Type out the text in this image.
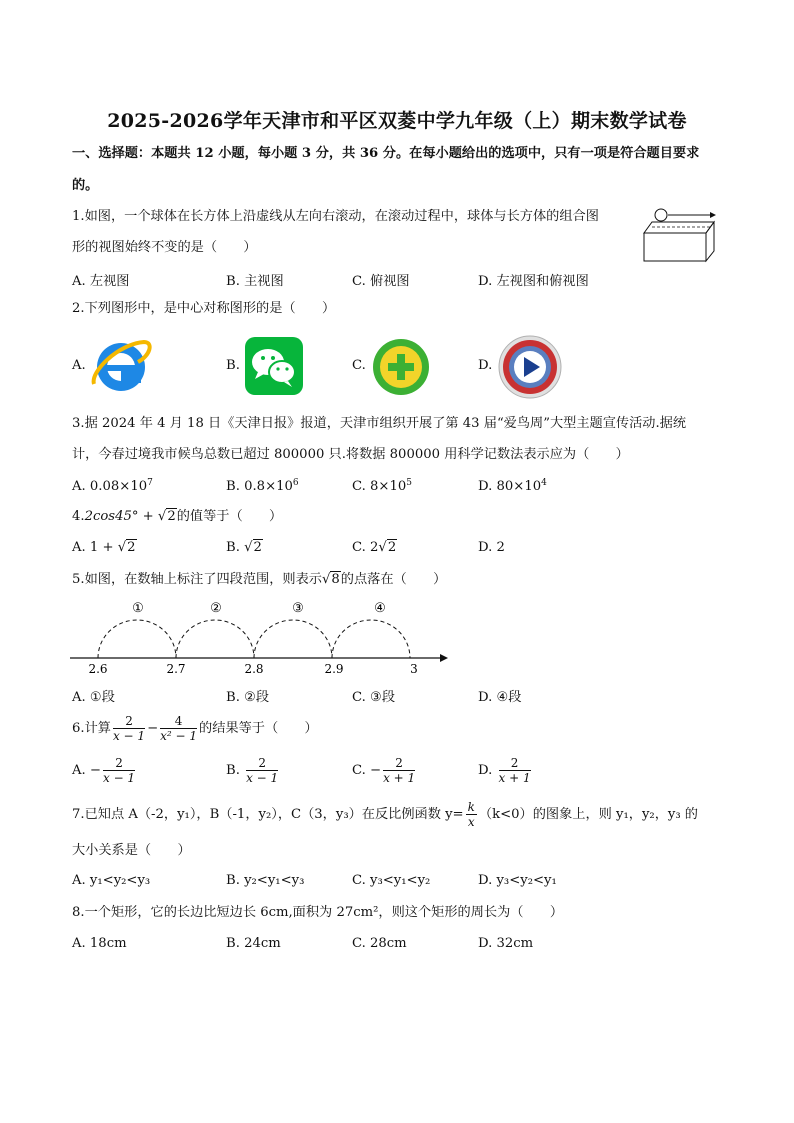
2025-2026学年天津市和平区双菱中学九年级（上）期末数学试卷
一、选择题：本题共 12 小题，每小题 3 分，共 36 分。在每小题给出的选项中，只有一项是符合题目要求
的。
1.如图，一个球体在长方体上沿虚线从左向右滚动，在滚动过程中，球体与长方体的组合图
形的视图始终不变的是（　　）
A. 左视图	B. 主视图	C. 俯视图	D. 左视图和俯视图
2.下列图形中，是中心对称图形的是（　　）
A.	B.	C.	D.
3.据 2024 年 4 月 18 日《天津日报》报道，天津市组织开展了第 43 届“爱鸟周”大型主题宣传活动.据统
计，今春过境我市候鸟总数已超过 800000 只.将数据 800000 用科学记数法表示应为（　　）
A. $0.08\times 10^7$	B. $0.8\times 10^6$	C. $8\times 10^5$	D. $80\times 10^4$
4.2cos45° + √2的值等于（　　）
A. 1 + √2	B. √2	C. 2√2	D. 2
5.如图，在数轴上标注了四段范围，则表示√8的点落在（　　）
①	②	③	④
2.6	2.7	2.8	2.9	3
A. ①段	B. ②段	C. ③段	D. ④段
6.计算 $\frac{2}{x - 1} - \frac{4}{\text{x² − 1}}$ 的结果等于（　　）
A. − $\frac{2}{x - 1}$	B. $\frac{2}{x - 1}$	C. − $\frac{2}{x + 1}$	D. $\frac{2}{x + 1}$
7.已知点 A（-2，y₁），B（-1，y₂），C（3，y₃）在反比例函数 $y= \frac{k}{x} (k<0)$的图象上，则 y₁，y₂，y₃ 的
大小关系是（　　）
A. y₁<y₂<y₃	B. y₂<y₁<y₃	C. y₃<y₁<y₂	D. y₃<y₂<y₁
8.一个矩形，它的长边比短边长 6cm,面积为 27cm²，则这个矩形的周长为（　　）
A. 18cm	B. 24cm	C. 28cm	D. 32cm
